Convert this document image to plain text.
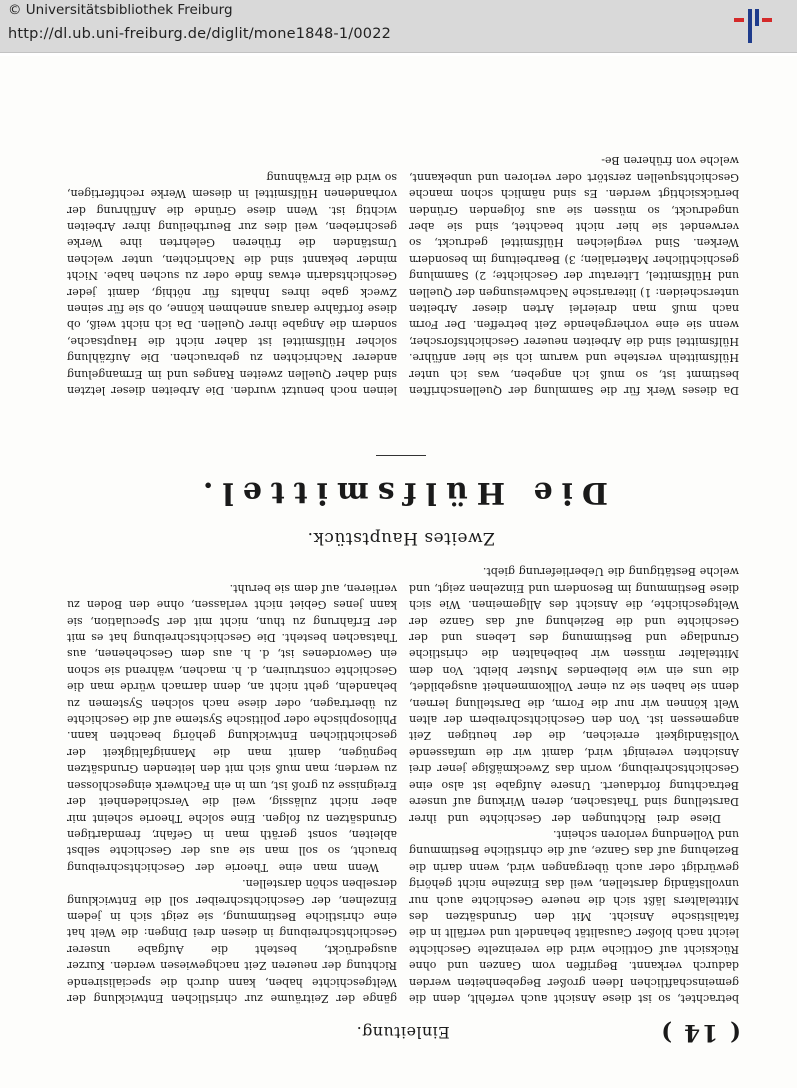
© Universitätsbibliothek Freiburg
http://dl.ub.uni-freiburg.de/diglit/mone1848-1/0022
( 14 )
Einleitung.

betrachtet, so ist diese Ansicht auch verfehlt, denn die gemeinschaftlichen Ideen großer Begebenheiten werden dadurch verkannt. Begriffen vom Ganzen und ohne Rücksicht auf Gottliche wird die vereinzelte Geschichte leicht nach bloßer Causalität behandelt und verfällt in die fatalistische Ansicht. Mit den Grundsätzen des Mittelalters läßt sich die neuere Geschichte auch nur unvollständig darstellen, weil das Einzelne nicht gehörig gewürdigt oder auch übergangen wird, wenn darin die Beziehung auf das Ganze, auf die christliche Bestimmung und Vollendung verloren scheint.

Diese drei Richtungen der Geschichte und ihrer Darstellung sind Thatsachen, deren Wirkung auf unsere Betrachtung fortdauert. Unsere Aufgabe ist also eine Geschichtschreibung, worin das Zweckmäßige jener drei Ansichten vereinigt wird, damit wir die umfassende Vollständigkeit erreichen, die der heutigen Zeit angemessen ist. Von den Geschichtschreibern der alten Welt können wir nur die Form, die Darstellung lernen, denn sie haben sie zu einer Vollkommenheit ausgebildet, die uns ein wie bleibendes Muster bleibt. Von dem Mittelalter müssen wir beibehalten die christliche Grundlage und Bestimmung des Lebens und der Geschichte und die Beziehung auf das Ganze der Weltgeschichte, die Ansicht des Allgemeinen. Wie sich diese Bestimmung im Besondern und Einzelnen zeigt, und welche Bestätigung die Ueberlieferung giebt.

gänge der Zeiträume zur christlichen Entwicklung der Weltgeschichte haben, kann durch die specialisirende Richtung der neueren Zeit nachgewiesen werden. Kurzer ausgedrückt, besteht die Aufgabe unserer Geschichtschreibung in diesen drei Dingen: die Welt hat eine christliche Bestimmung, sie zeigt sich in jedem Einzelnen, der Geschichtschreiber soll die Entwicklung derselben schön darstellen.

Wenn man eine Theorie der Geschichtschreibung braucht, so soll man sie aus der Geschichte selbst ableiten, sonst geräth man in Gefahr, fremdartigen Grundsätzen zu folgen. Eine solche Theorie scheint mir aber nicht zulässig, weil die Verschiedenheit der Ereignisse zu groß ist, um in ein Fachwerk eingeschlossen zu werden; man muß sich mit den leitenden Grundsätzen begnügen, damit man die Mannigfaltigkeit der geschichtlichen Entwicklung gehörig beachten kann. Philosophische oder politische Systeme auf die Geschichte zu übertragen, oder diese nach solchen Systemen zu behandeln, geht nicht an, denn darnach würde man die Geschichte construiren, d. h. machen, während sie schon ein Gewordenes ist, d. h. aus dem Geschehenen, aus Thatsachen besteht. Die Geschichtschreibung hat es mit der Erfahrung zu thun, nicht mit der Speculation, sie kann jenes Gebiet nicht verlassen, ohne den Boden zu verlieren, auf dem sie beruht.

Zweites Hauptstück.
Die Hülfsmittel.

Da dieses Werk für die Sammlung der Quellenschriften bestimmt ist, so muß ich angeben, was ich unter Hülfsmitteln verstehe und warum ich sie hier anführe. Hülfsmittel sind die Arbeiten neuerer Geschichtsforscher, wenn sie eine vorhergehende Zeit betreffen. Der Form nach muß man dreierlei Arten dieser Arbeiten unterscheiden: 1) literarische Nachweisungen der Quellen und Hülfsmittel, Literatur der Geschichte; 2) Sammlung geschichtlicher Materialien; 3) Bearbeitung im besondern Werken. Sind vergleichen Hülfsmittel gedruckt, so verwendet sie hier nicht beachtet, sind sie aber ungedruckt, so müssen sie aus folgenden Gründen berücksichtigt werden. Es sind nämlich schon manche Geschichtsquellen zerstört oder verloren und unbekannt, welche von früheren Be-

leinen noch benutzt wurden. Die Arbeiten dieser letzten sind daher Quellen zweiten Ranges und im Ermangelung anderer Nachrichten zu gebrauchen. Die Aufzählung solcher Hülfsmittel ist daher nicht die Hauptsache, sondern die Angabe ihrer Quellen. Da ich nicht weiß, ob diese fortfahre daraus annehmen könne, ob sie für seinen Zweck gabe ihres Inhalts für nöthig, damit jeder Geschichtsdarin etwas finde oder zu suchen habe. Nicht minder bekannt sind die Nachrichten, unter welchen Umständen die früheren Gelehrten ihre Werke geschrieben, weil dies zur Beurtheilung ihrer Arbeiten wichtig ist. Wenn diese Gründe die Anführung der vorhandenen Hülfsmittel in diesem Werke rechtfertigen, so wird die Erwähnung
